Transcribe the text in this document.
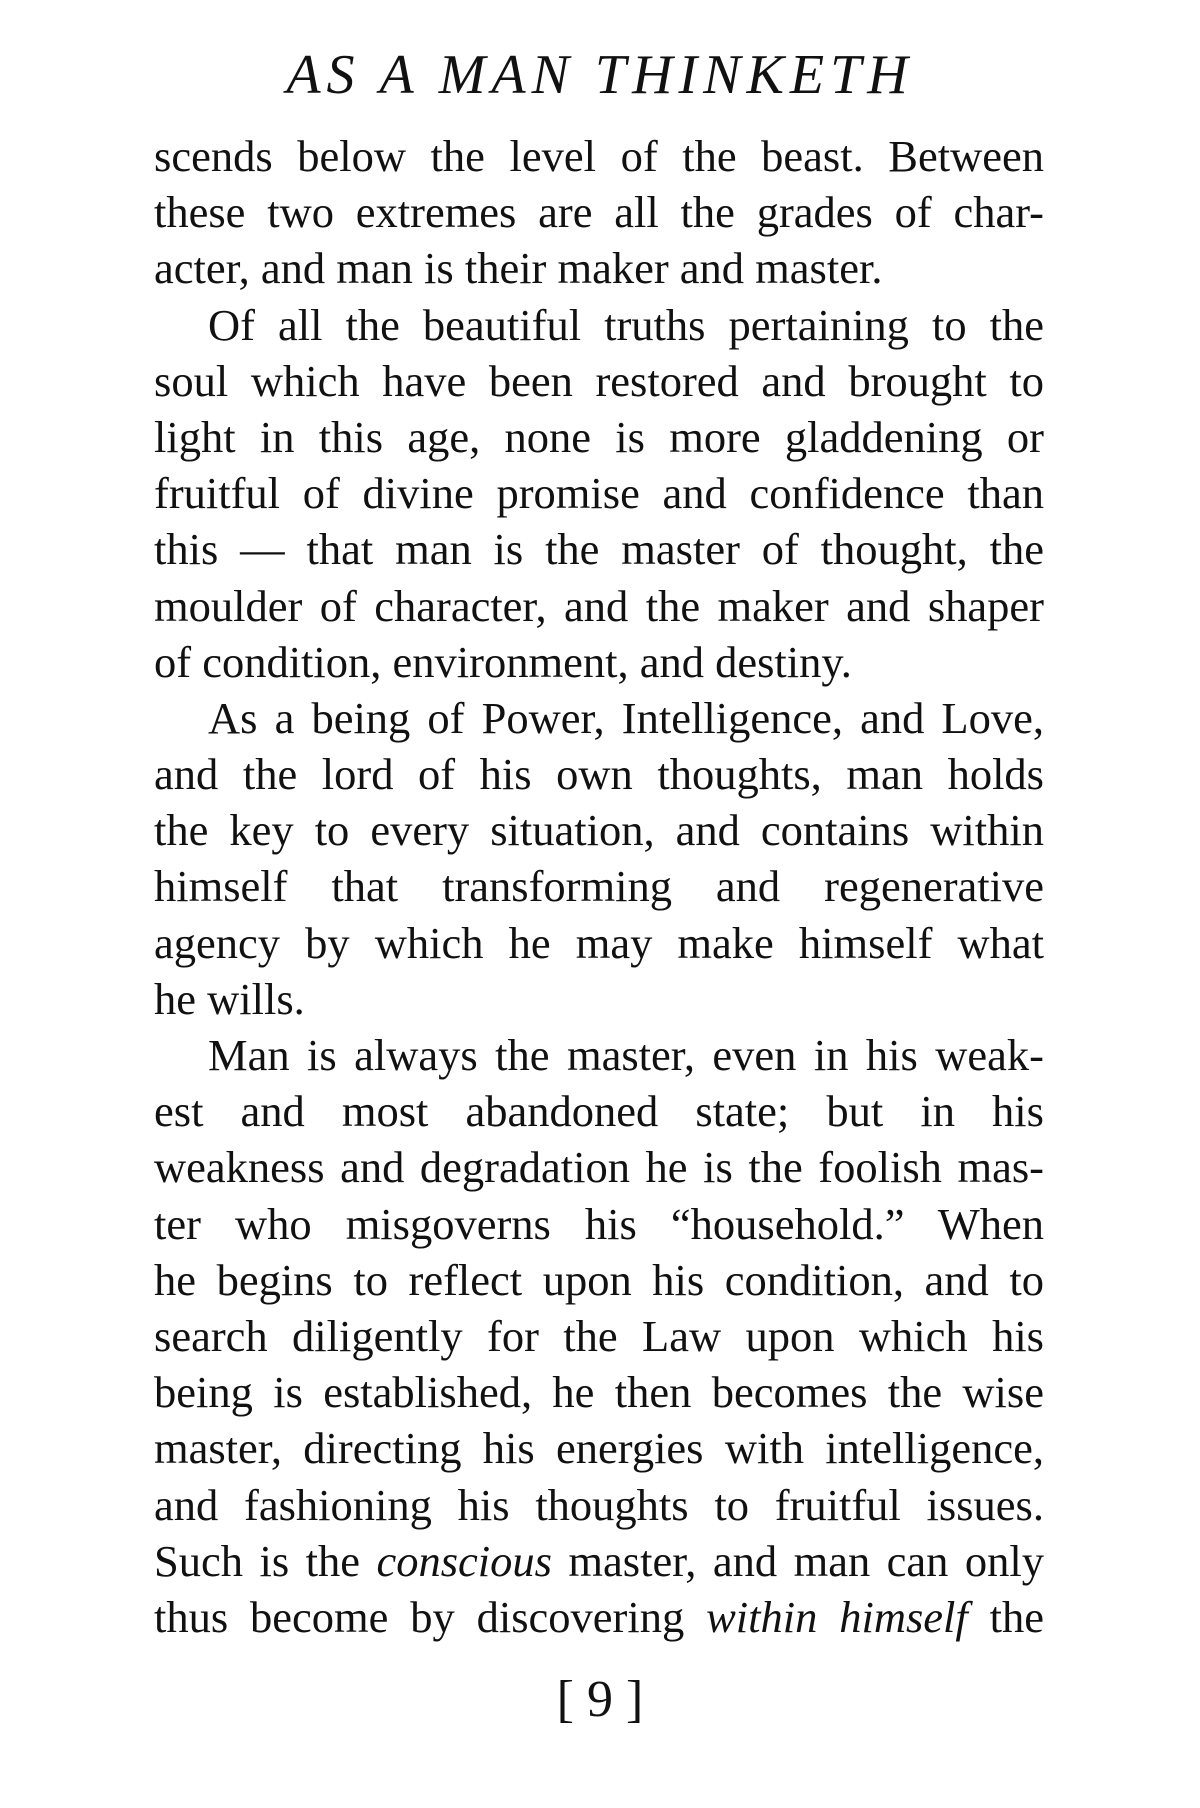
AS A MAN THINKETH
scends below the level of the beast. Between
these two extremes are all the grades of char-
acter, and man is their maker and master.
Of all the beautiful truths pertaining to the
soul which have been restored and brought to
light in this age, none is more gladdening or
fruitful of divine promise and confidence than
this — that man is the master of thought, the
moulder of character, and the maker and shaper
of condition, environment, and destiny.
As a being of Power, Intelligence, and Love,
and the lord of his own thoughts, man holds
the key to every situation, and contains within
himself that transforming and regenerative
agency by which he may make himself what
he wills.
Man is always the master, even in his weak-
est and most abandoned state; but in his
weakness and degradation he is the foolish mas-
ter who misgoverns his “household.” When
he begins to reflect upon his condition, and to
search diligently for the Law upon which his
being is established, he then becomes the wise
master, directing his energies with intelligence,
and fashioning his thoughts to fruitful issues.
Such is the conscious master, and man can only
thus become by discovering within himself the
[ 9 ]
